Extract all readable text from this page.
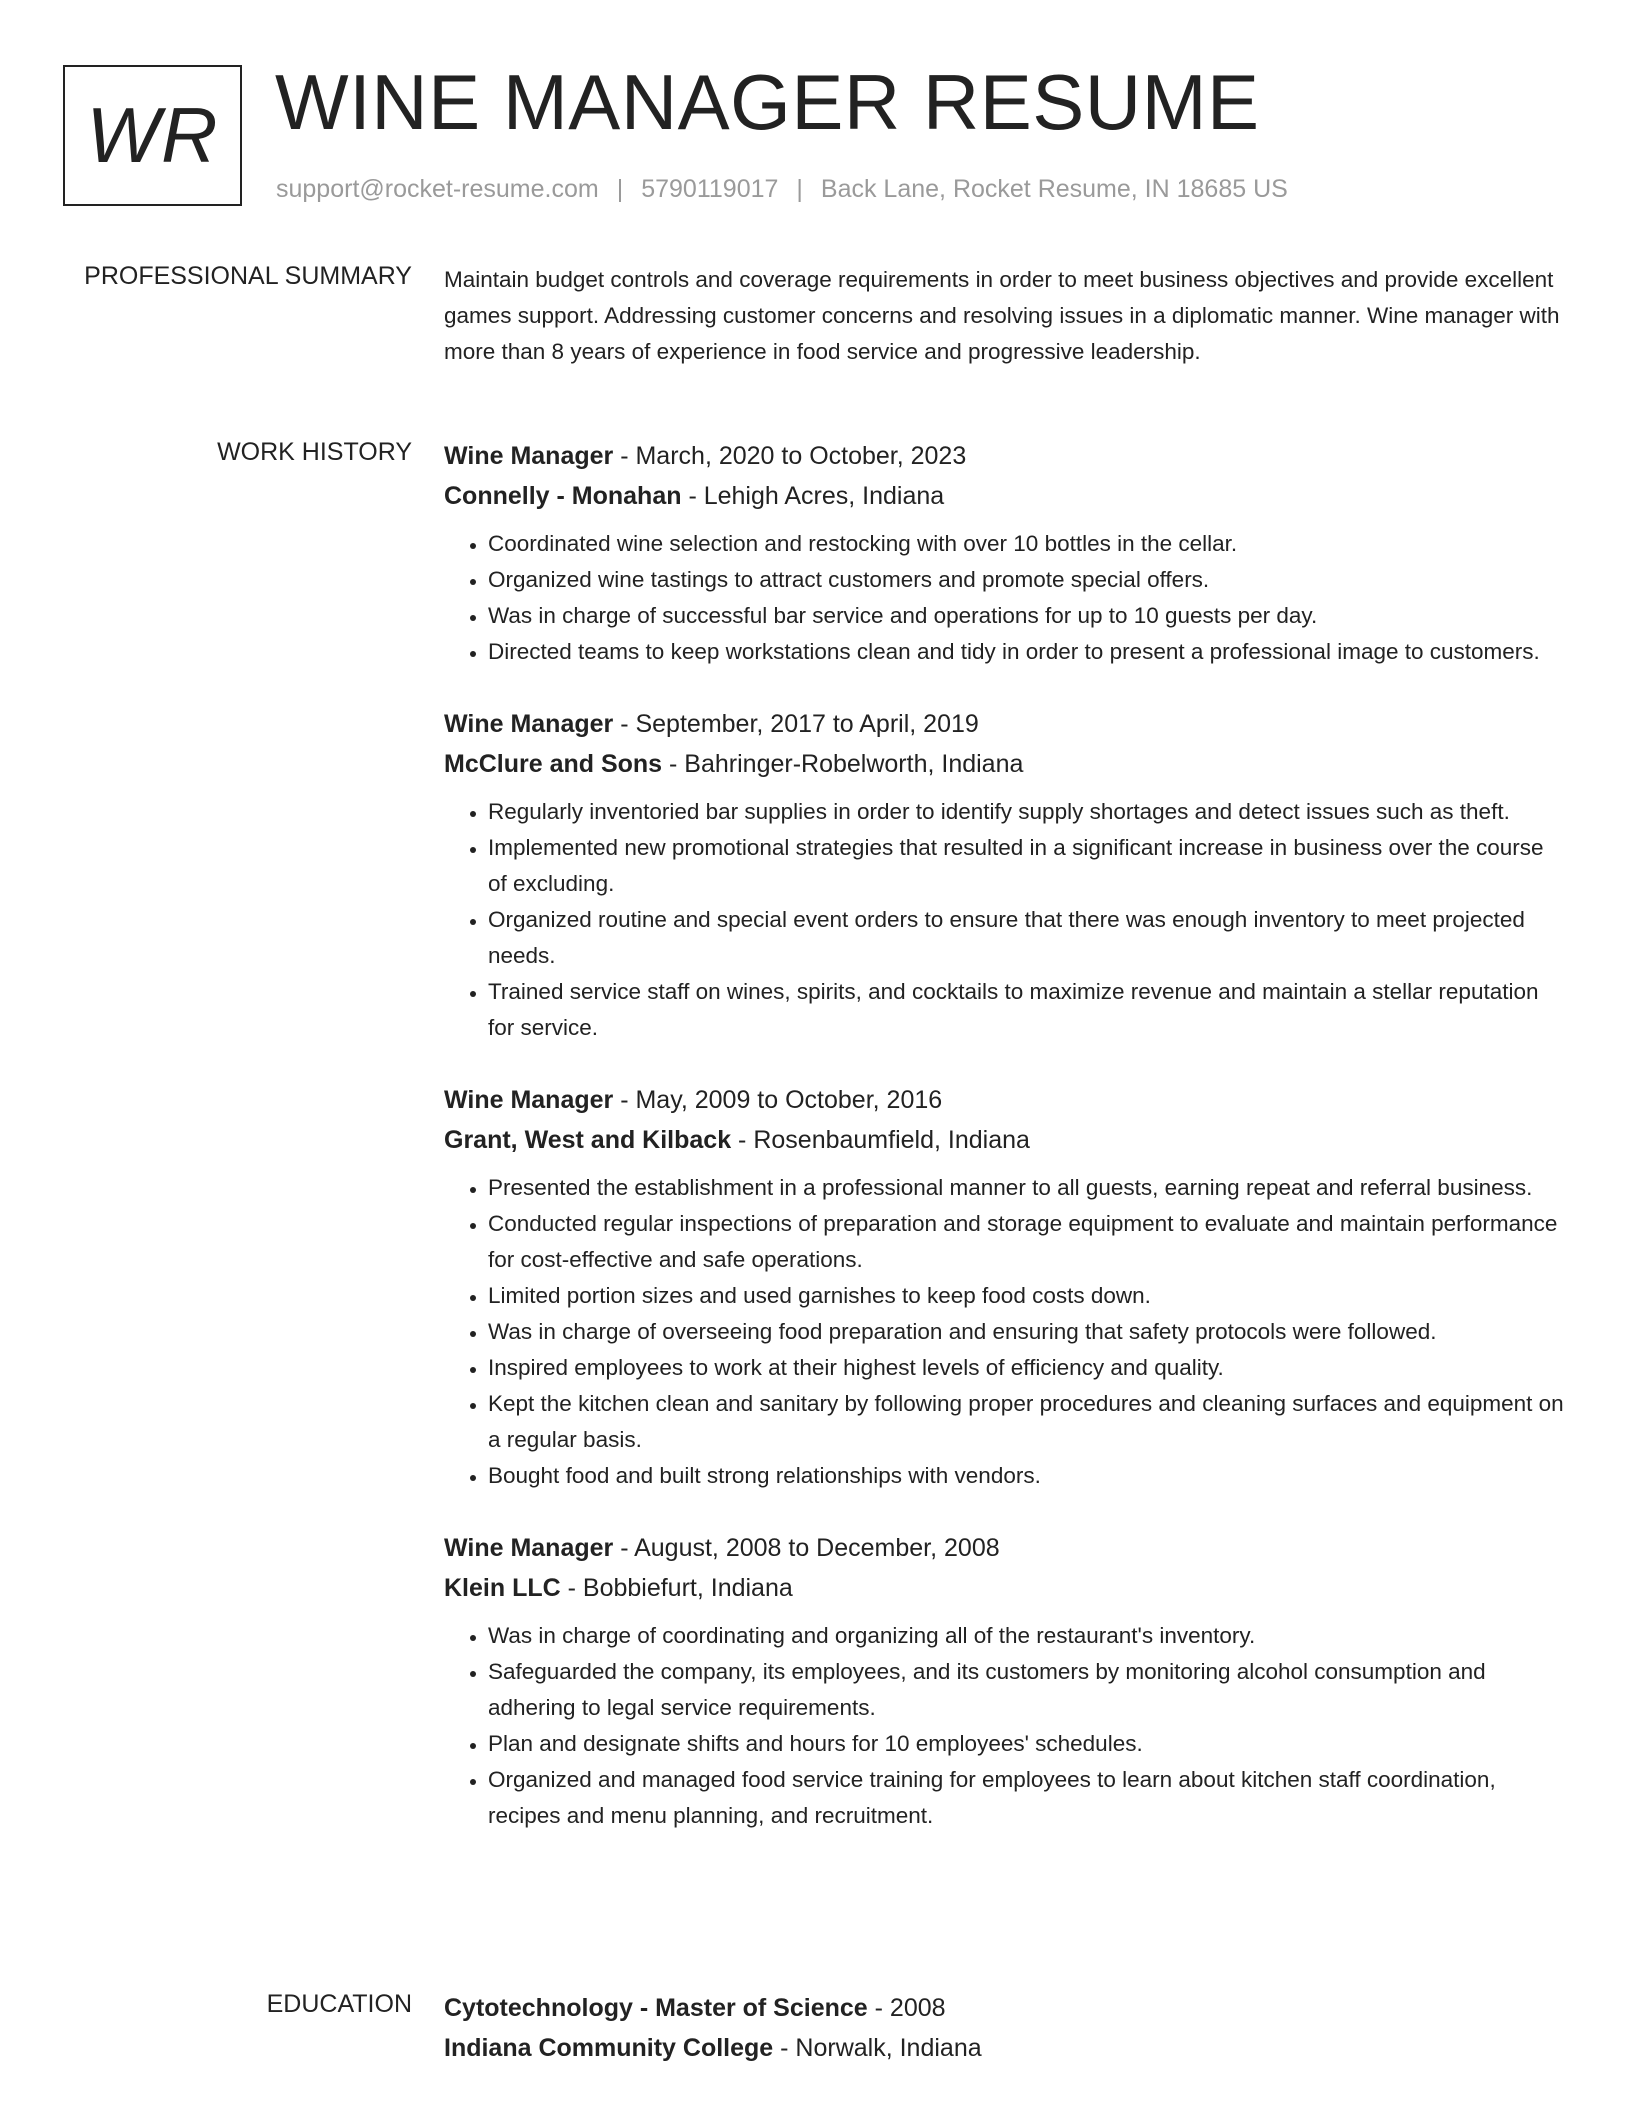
WR WINE MANAGER RESUME
support@rocket-resume.com | 5790119017 | Back Lane, Rocket Resume, IN 18685 US
PROFESSIONAL SUMMARY Maintain budget controls and coverage requirements in order to meet business objectives and provide excellent games support. Addressing customer concerns and resolving issues in a diplomatic manner. Wine manager with more than 8 years of experience in food service and progressive leadership.

WORK HISTORY Wine Manager - March, 2020 to October, 2023
Connelly - Monahan - Lehigh Acres, Indiana
• Coordinated wine selection and restocking with over 10 bottles in the cellar.
• Organized wine tastings to attract customers and promote special offers.
• Was in charge of successful bar service and operations for up to 10 guests per day.
• Directed teams to keep workstations clean and tidy in order to present a professional image to customers.
Wine Manager - September, 2017 to April, 2019
McClure and Sons - Bahringer-Robelworth, Indiana
• Regularly inventoried bar supplies in order to identify supply shortages and detect issues such as theft.
• Implemented new promotional strategies that resulted in a significant increase in business over the course of excluding.
• Organized routine and special event orders to ensure that there was enough inventory to meet projected needs.
• Trained service staff on wines, spirits, and cocktails to maximize revenue and maintain a stellar reputation for service.
Wine Manager - May, 2009 to October, 2016
Grant, West and Kilback - Rosenbaumfield, Indiana
• Presented the establishment in a professional manner to all guests, earning repeat and referral business.
• Conducted regular inspections of preparation and storage equipment to evaluate and maintain performance for cost-effective and safe operations.
• Limited portion sizes and used garnishes to keep food costs down.
• Was in charge of overseeing food preparation and ensuring that safety protocols were followed.
• Inspired employees to work at their highest levels of efficiency and quality.
• Kept the kitchen clean and sanitary by following proper procedures and cleaning surfaces and equipment on a regular basis.
• Bought food and built strong relationships with vendors.
Wine Manager - August, 2008 to December, 2008
Klein LLC - Bobbiefurt, Indiana
• Was in charge of coordinating and organizing all of the restaurant's inventory.
• Safeguarded the company, its employees, and its customers by monitoring alcohol consumption and adhering to legal service requirements.
• Plan and designate shifts and hours for 10 employees' schedules.
• Organized and managed food service training for employees to learn about kitchen staff coordination, recipes and menu planning, and recruitment.
EDUCATION Cytotechnology - Master of Science - 2008
Indiana Community College - Norwalk, Indiana
